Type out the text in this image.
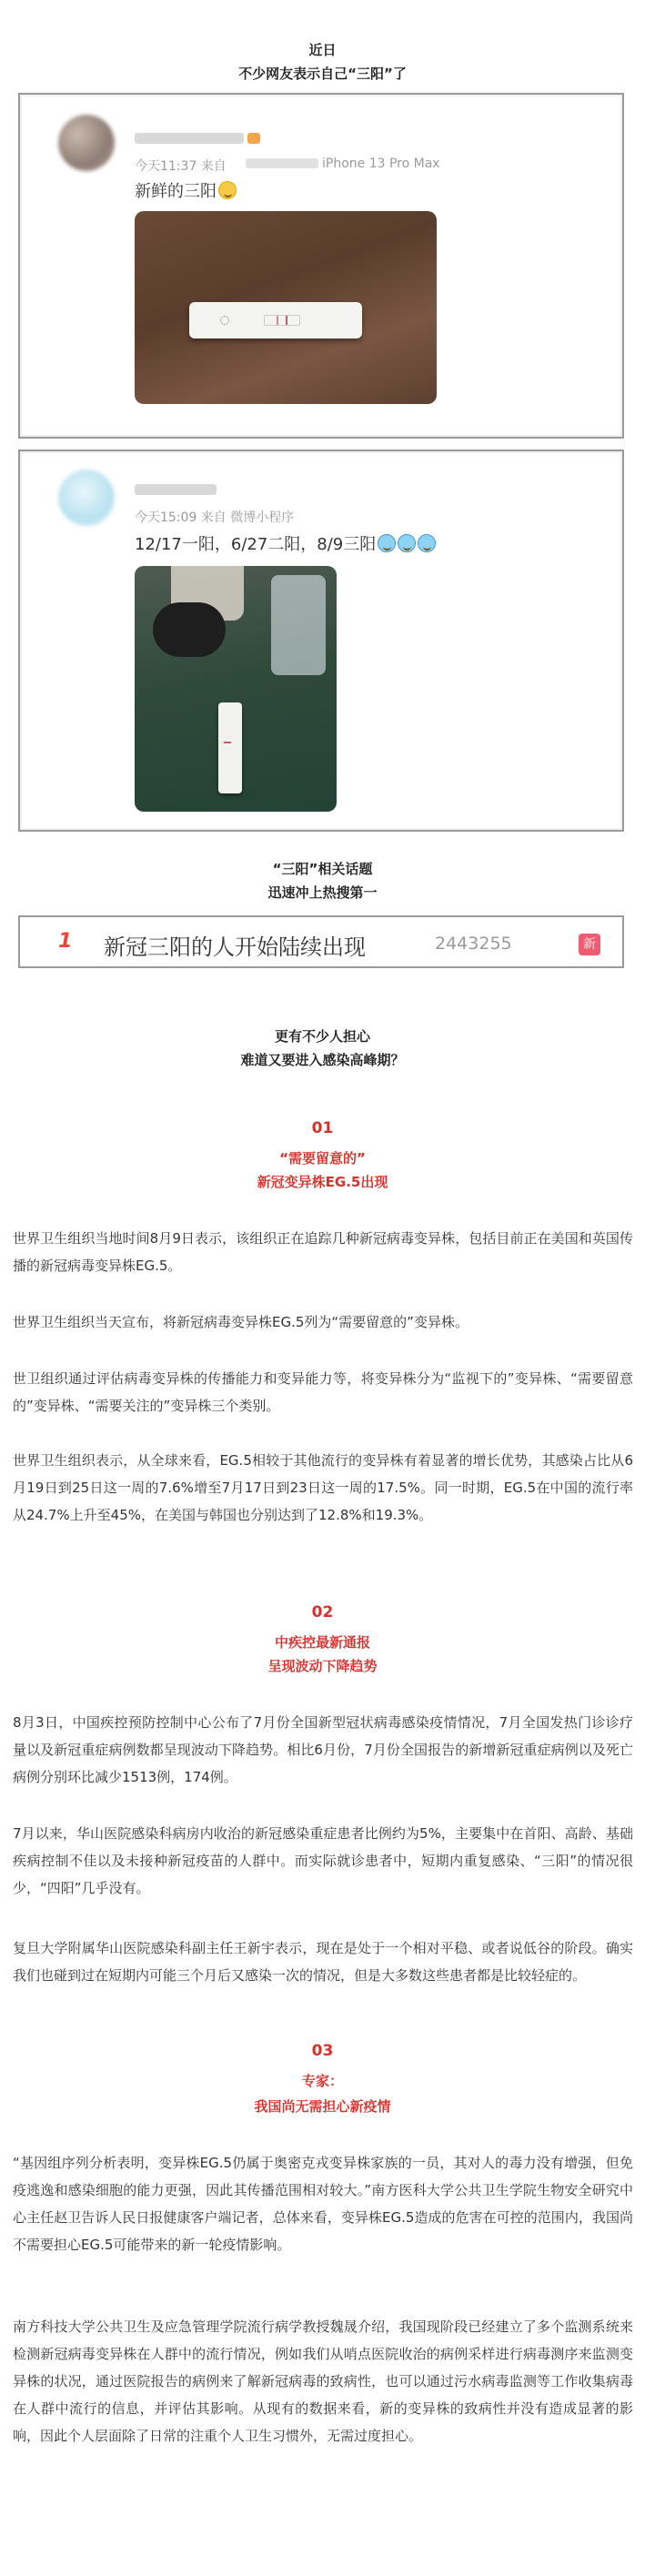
近日
不少网友表示自己“三阳”了
今天11:37 来自	iPhone 13 Pro Max
新鲜的三阳
今天15:09 来自 微博小程序
12/17一阳，6/27二阳，8/9三阳
“三阳”相关话题
迅速冲上热搜第一
1 新冠三阳的人开始陆续出现	2443255	新
更有不少人担心
难道又要进入感染高峰期？
01
“需要留意的”
新冠变异株EG.5出现

世界卫生组织当地时间8月9日表示，该组织正在追踪几种新冠病毒变异株，包括目前正在美国和英国传播的新冠病毒变异株EG.5。

世界卫生组织当天宣布，将新冠病毒变异株EG.5列为“需要留意的”变异株。

世卫组织通过评估病毒变异株的传播能力和变异能力等，将变异株分为“监视下的”变异株、“需要留意的”变异株、“需要关注的”变异株三个类别。

世界卫生组织表示，从全球来看，EG.5相较于其他流行的变异株有着显著的增长优势，其感染占比从6月19日到25日这一周的7.6%增至7月17日到23日这一周的17.5%。同一时期，EG.5在中国的流行率从24.7%上升至45%，在美国与韩国也分别达到了12.8%和19.3%。

02
中疾控最新通报
呈现波动下降趋势

8月3日，中国疾控预防控制中心公布了7月份全国新型冠状病毒感染疫情情况，7月全国发热门诊诊疗量以及新冠重症病例数都呈现波动下降趋势。相比6月份，7月份全国报告的新增新冠重症病例以及死亡病例分别环比减少1513例，174例。

7月以来，华山医院感染科病房内收治的新冠感染重症患者比例约为5%，主要集中在首阳、高龄、基础疾病控制不佳以及未接种新冠疫苗的人群中。而实际就诊患者中，短期内重复感染、“三阳”的情况很少，“四阳”几乎没有。

复旦大学附属华山医院感染科副主任王新宇表示，现在是处于一个相对平稳、或者说低谷的阶段。确实我们也碰到过在短期内可能三个月后又感染一次的情况，但是大多数这些患者都是比较轻症的。

03
专家：
我国尚无需担心新疫情

“基因组序列分析表明，变异株EG.5仍属于奥密克戎变异株家族的一员，其对人的毒力没有增强，但免疫逃逸和感染细胞的能力更强，因此其传播范围相对较大。”南方医科大学公共卫生学院生物安全研究中心主任赵卫告诉人民日报健康客户端记者，总体来看，变异株EG.5造成的危害在可控的范围内，我国尚不需要担心EG.5可能带来的新一轮疫情影响。

南方科技大学公共卫生及应急管理学院流行病学教授魏晟介绍，我国现阶段已经建立了多个监测系统来检测新冠病毒变异株在人群中的流行情况，例如我们从哨点医院收治的病例采样进行病毒测序来监测变异株的状况，通过医院报告的病例来了解新冠病毒的致病性，也可以通过污水病毒监测等工作收集病毒在人群中流行的信息，并评估其影响。从现有的数据来看，新的变异株的致病性并没有造成显著的影响，因此个人层面除了日常的注重个人卫生习惯外，无需过度担心。
